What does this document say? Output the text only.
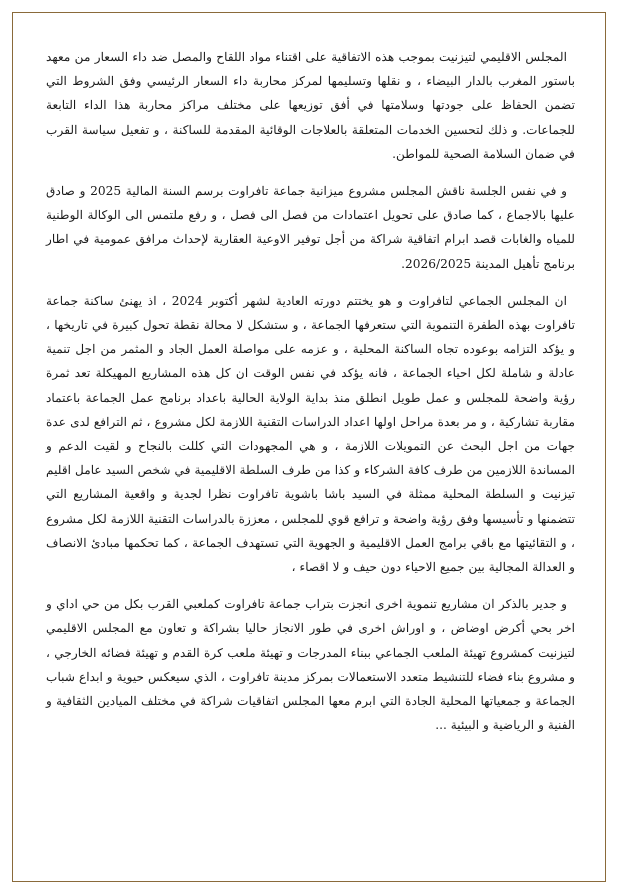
المجلس الاقليمي لتيزنيت بموجب هذه الاتفاقية على اقتناء مواد اللقاح والمصل ضد داء السعار من معهد باستور المغرب بالدار البيضاء ، و نقلها وتسليمها لمركز محاربة داء السعار الرئيسي وفق الشروط التي تضمن الحفاظ على جودتها وسلامتها في أفق توزيعها على مختلف مراكز محاربة هذا الداء التابعة للجماعات. و ذلك لتحسين الخدمات المتعلقة بالعلاجات الوقائية المقدمة للساكنة ، و تفعيل سياسة القرب في ضمان السلامة الصحية للمواطن.

و في نفس الجلسة ناقش المجلس مشروع ميزانية جماعة تافراوت برسم السنة المالية 2025 و صادق عليها بالاجماع ، كما صادق على تحويل اعتمادات من فصل الى فصل ، و رفع ملتمس الى الوكالة الوطنية للمياه والغابات قصد ابرام اتفاقية شراكة من أجل توفير الاوعية العقارية لإحداث مرافق عمومية في اطار برنامج تأهيل المدينة 2026/2025.

ان المجلس الجماعي لتافراوت و هو يختتم دورته العادية لشهر أكتوبر 2024 ، اذ يهنئ ساكنة جماعة تافراوت بهذه الطفرة التنموية التي ستعرفها الجماعة ، و ستشكل لا محالة نقطة تحول كبيرة في تاريخها ، و يؤكد التزامه بوعوده تجاه الساكنة المحلية ، و عزمه على مواصلة العمل الجاد و المثمر من اجل تنمية عادلة و شاملة لكل احياء الجماعة ، فانه يؤكد في نفس الوقت ان كل هذه المشاريع المهيكلة تعد ثمرة رؤية واضحة للمجلس و عمل طويل انطلق منذ بداية الولاية الحالية باعداد برنامج عمل الجماعة باعتماد مقاربة تشاركية ، و مر بعدة مراحل اولها اعداد الدراسات التقنية اللازمة لكل مشروع ، ثم الترافع لدى عدة جهات من اجل البحث عن التمويلات اللازمة ، و هي المجهودات التي كللت بالنجاح و لقيت الدعم و المساندة اللازمين من طرف كافة الشركاء و كذا من طرف السلطة الاقليمية في شخص السيد عامل اقليم تيزنيت و السلطة المحلية ممثلة في السيد باشا باشوية تافراوت نظرا لجدية و واقعية المشاريع التي تتضمنها و تأسيسها وفق رؤية واضحة و ترافع قوي للمجلس ، معززة بالدراسات التقنية اللازمة لكل مشروع ، و التقائيتها مع باقي برامج العمل الاقليمية و الجهوية التي تستهدف الجماعة ، كما تحكمها مبادئ الانصاف و العدالة المجالية بين جميع الاحياء دون حيف و لا اقصاء ،

و جدير بالذكر ان مشاريع تنموية اخرى انجزت بتراب جماعة تافراوت كملعبي القرب بكل من حي اداي و اخر بحي أكرض اوضاض ، و اوراش اخرى في طور الانجاز حاليا بشراكة و تعاون مع المجلس الاقليمي لتيزنيت كمشروع تهيئة الملعب الجماعي ببناء المدرجات و تهيئة ملعب كرة القدم و تهيئة فضائه الخارجي ، و مشروع بناء فضاء للتنشيط متعدد الاستعمالات بمركز مدينة تافراوت ، الذي سيعكس حيوية و ابداع شباب الجماعة و جمعياتها المحلية الجادة التي ابرم معها المجلس اتفاقيات شراكة في مختلف الميادين الثقافية و الفنية و الرياضية و البيئية ...
